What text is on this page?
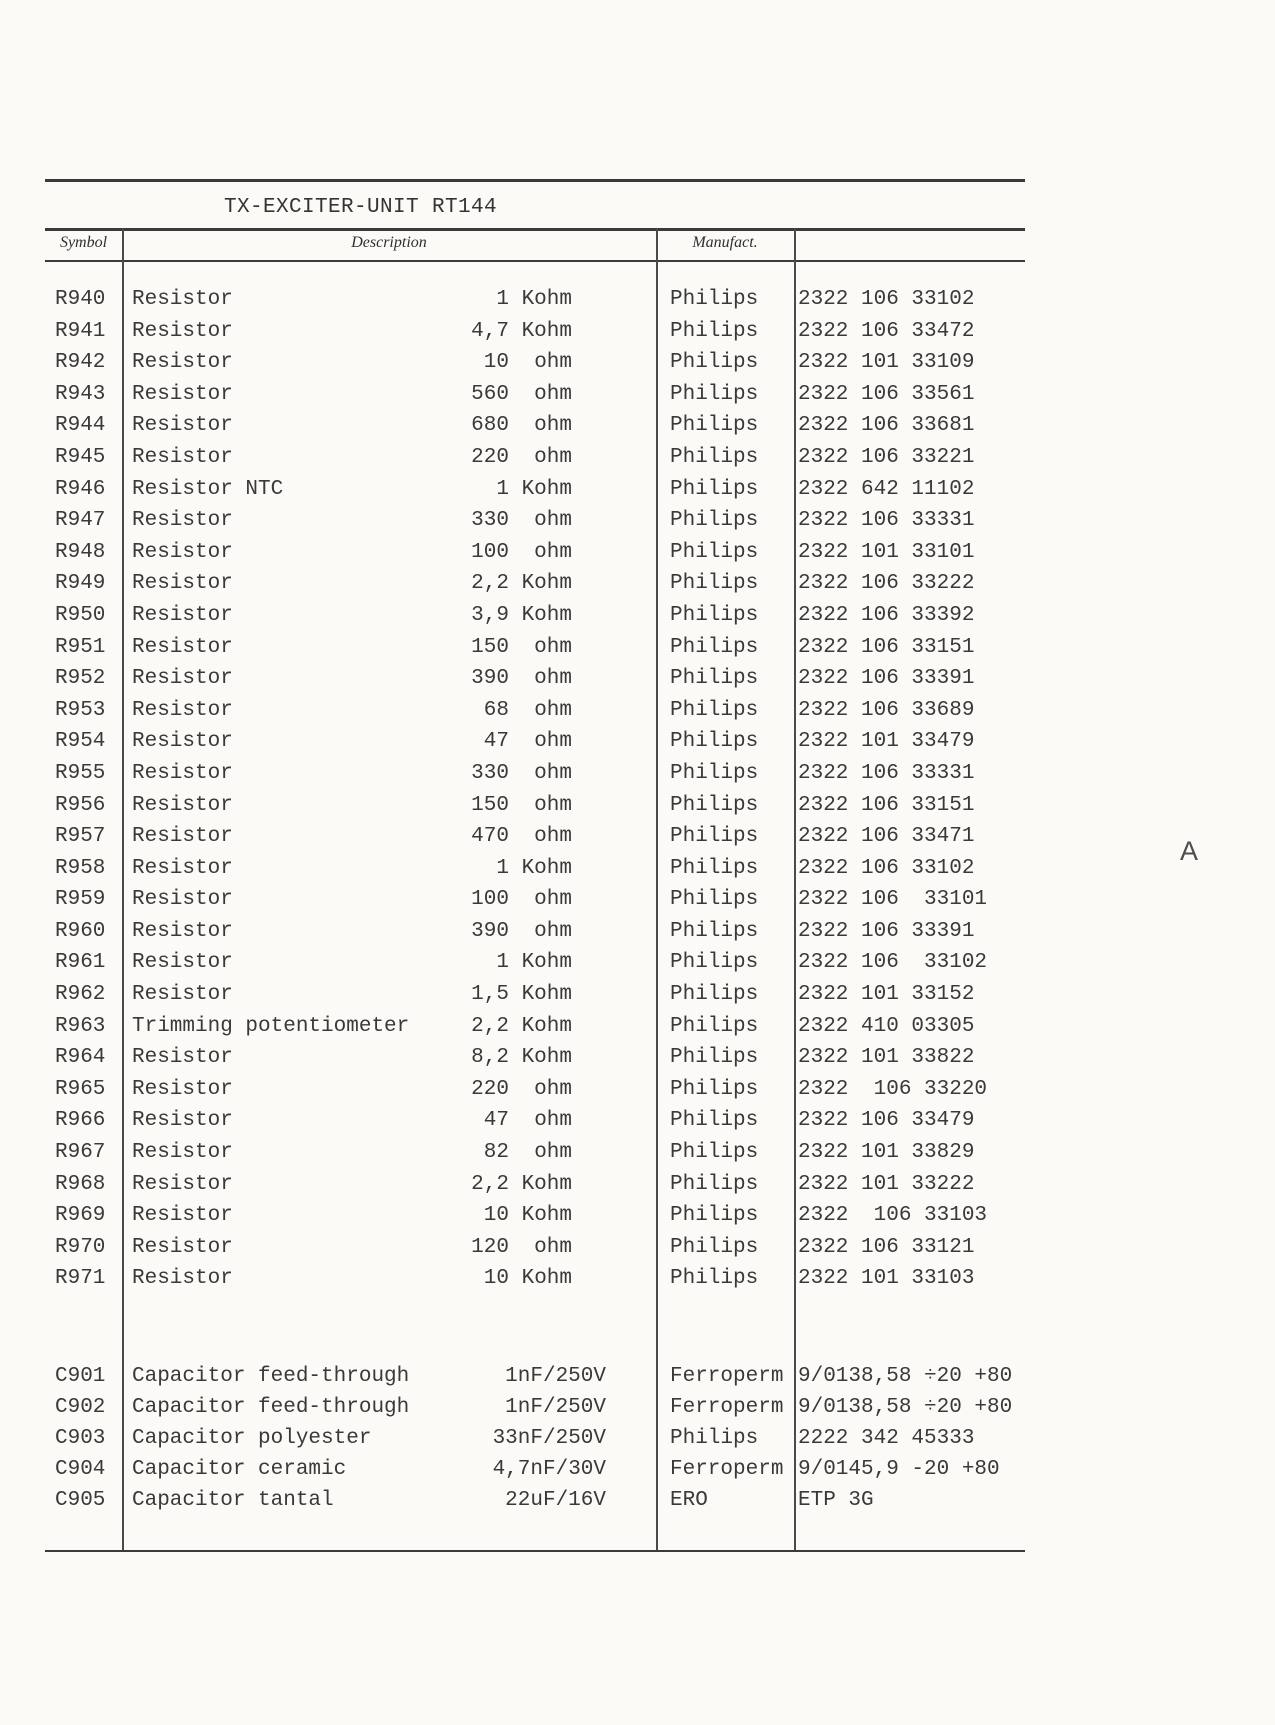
TX-EXCITER-UNIT RT144
Symbol	Description	Manufact.
R940 Resistor	1 Kohm	Philips 2322 106 33102
R941 Resistor	4,7 Kohm	Philips 2322 106 33472
R942 Resistor	10  ohm	Philips 2322 101 33109
R943 Resistor	560  ohm	Philips 2322 106 33561
R944 Resistor	680  ohm	Philips 2322 106 33681
R945 Resistor	220  ohm	Philips 2322 106 33221
R946 Resistor NTC	1 Kohm	Philips 2322 642 11102
R947 Resistor	330  ohm	Philips 2322 106 33331
R948 Resistor	100  ohm	Philips 2322 101 33101
R949 Resistor	2,2 Kohm	Philips 2322 106 33222
R950 Resistor	3,9 Kohm	Philips 2322 106 33392
R951 Resistor	150  ohm	Philips 2322 106 33151
R952 Resistor	390  ohm	Philips 2322 106 33391
R953 Resistor	68  ohm	Philips 2322 106 33689
R954 Resistor	47  ohm	Philips 2322 101 33479
R955 Resistor	330  ohm	Philips 2322 106 33331
R956 Resistor	150  ohm	Philips 2322 106 33151
R957 Resistor	470  ohm	Philips 2322 106 33471
R958 Resistor	1 Kohm	Philips 2322 106 33102
R959 Resistor	100  ohm	Philips 2322 106  33101
R960 Resistor	390  ohm	Philips 2322 106 33391
R961 Resistor	1 Kohm	Philips 2322 106  33102
R962 Resistor	1,5 Kohm	Philips 2322 101 33152
R963 Trimming potentiometer	2,2 Kohm	Philips 2322 410 03305
R964 Resistor	8,2 Kohm	Philips 2322 101 33822
R965 Resistor	220  ohm	Philips 2322  106 33220
R966 Resistor	47  ohm	Philips 2322 106 33479
R967 Resistor	82  ohm	Philips 2322 101 33829
R968 Resistor	2,2 Kohm	Philips 2322 101 33222
R969 Resistor	10 Kohm	Philips 2322  106 33103
R970 Resistor	120  ohm	Philips 2322 106 33121
R971 Resistor	10 Kohm	Philips 2322 101 33103
C901 Capacitor feed-through	1nF/250V	Ferroperm 9/0138,58 ÷20 +80
C902 Capacitor feed-through	1nF/250V	Ferroperm 9/0138,58 ÷20 +80
C903 Capacitor polyester	33nF/250V	Philips 2222 342 45333
C904 Capacitor ceramic	4,7nF/30V	Ferroperm 9/0145,9 -20 +80
C905 Capacitor tantal	22uF/16V	ERO	ETP 3G
A
